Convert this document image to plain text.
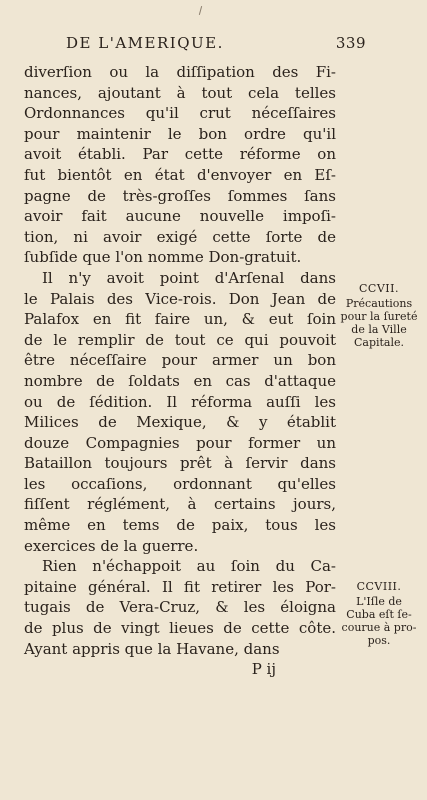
DE L'AMERIQUE.	339
diverſion ou la diſſipation des Fi-
nances, ajoutant à tout cela telles
Ordonnances qu'il crut néceſſaires
pour maintenir le bon ordre qu'il
avoit établi. Par cette réforme on
fut bientôt en état d'envoyer en Eſ-
pagne de très-groſſes ſommes ſans
avoir fait aucune nouvelle impoſi-
tion, ni avoir exigé cette ſorte de
ſubſide que l'on nomme Don-gratuit.
Il n'y avoit point d'Arſenal dans
le Palais des Vice-rois. Don Jean de
Palafox en fit faire un, & eut ſoin
de le remplir de tout ce qui pouvoit
être néceſſaire pour armer un bon
nombre de ſoldats en cas d'attaque
ou de ſédition. Il réforma auſſi les
Milices de Mexique, & y établit
douze Compagnies pour former un
Bataillon toujours prêt à ſervir dans
les occaſions, ordonnant qu'elles
fiſſent réglément, à certains jours,
même en tems de paix, tous les
exercices de la guerre.
Rien n'échappoit au ſoin du Ca-
pitaine général. Il fit retirer les Por-
tugais de Vera-Cruz, & les éloigna
de plus de vingt lieues de cette côte.
Ayant appris que la Havane, dans
P ij
CCVII.
Précautions
pour la ſureté
de la Ville
Capitale.
CCVIII.
L'Iſle de
Cuba eſt ſe-
courue à pro-
pos.
